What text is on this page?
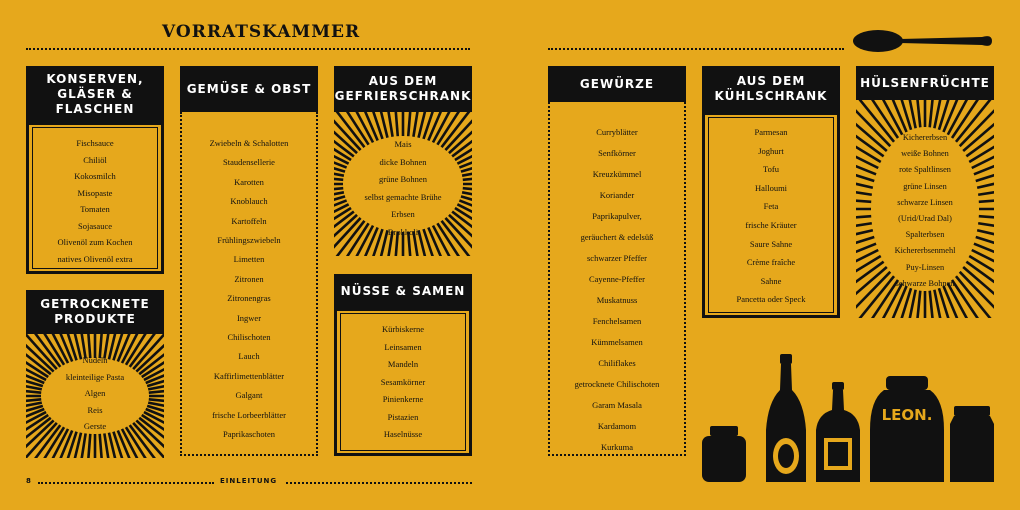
VORRATSKAMMER
KONSERVEN, GLÄSER & FLASCHEN
Fischsauce
Chiliöl
Kokosmilch
Misopaste
Tomaten
Sojasauce
Olivenöl zum Kochen
natives Olivenöl extra
GETROCKNETE PRODUKTE
Nudeln
kleinteilige Pasta
Algen
Reis
Gerste
GEMÜSE & OBST
Zwiebeln & Schalotten
Staudensellerie
Karotten
Knoblauch
Kartoffeln
Frühlingszwiebeln
Limetten
Zitronen
Zitronengras
Ingwer
Chilischoten
Lauch
Kaffirlimettenblätter
Galgant
frische Lorbeerblätter
Paprikaschoten
AUS DEM GEFRIERSCHRANK
Mais
dicke Bohnen
grüne Bohnen
selbst gemachte Brühe
Erbsen
Brokkoli
NÜSSE & SAMEN
Kürbiskerne
Leinsamen
Mandeln
Sesamkörner
Pinienkerne
Pistazien
Haselnüsse
GEWÜRZE
Curryblätter
Senfkörner
Kreuzkümmel
Koriander
Paprikapulver,
geräuchert & edelsüß
schwarzer Pfeffer
Cayenne-Pfeffer
Muskatnuss
Fenchelsamen
Kümmelsamen
Chiliflakes
getrocknete Chilischoten
Garam Masala
Kardamom
Kurkuma
AUS DEM KÜHLSCHRANK
Parmesan
Joghurt
Tofu
Halloumi
Feta
frische Kräuter
Saure Sahne
Crème fraîche
Sahne
Pancetta oder Speck
HÜLSENFRÜCHTE
Kichererbsen
weiße Bohnen
rote Spaltlinsen
grüne Linsen
schwarze Linsen
(Urid/Urad Dal)
Spalterbsen
Kichererbsenmehl
Puy-Linsen
schwarze Bohnen
LEON.
8	EINLEITUNG
